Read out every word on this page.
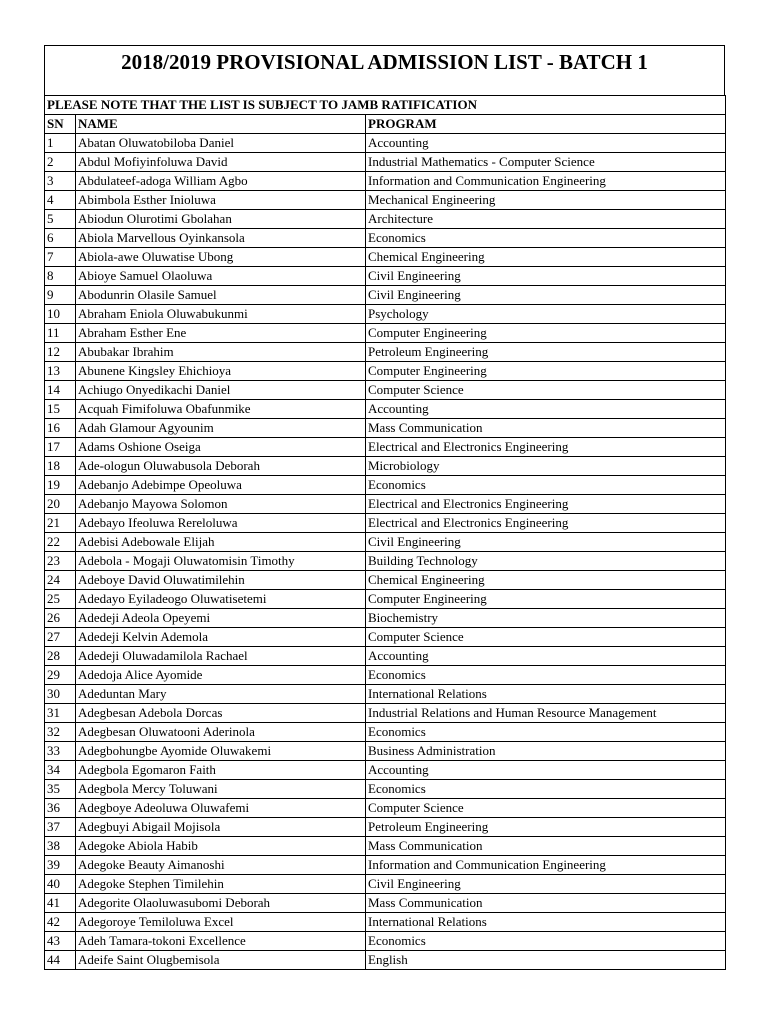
2018/2019 PROVISIONAL ADMISSION LIST - BATCH 1
PLEASE NOTE THAT THE LIST IS SUBJECT TO JAMB RATIFICATION		
SN	NAME	PROGRAM
1	Abatan Oluwatobiloba Daniel	Accounting
2	Abdul Mofiyinfoluwa David	Industrial Mathematics - Computer Science
3	Abdulateef-adoga William Agbo	Information and Communication Engineering
4	Abimbola Esther Inioluwa	Mechanical Engineering
5	Abiodun Olurotimi Gbolahan	Architecture
6	Abiola Marvellous Oyinkansola	Economics
7	Abiola-awe Oluwatise Ubong	Chemical Engineering
8	Abioye Samuel Olaoluwa	Civil Engineering
9	Abodunrin Olasile Samuel	Civil Engineering
10	Abraham Eniola Oluwabukunmi	Psychology
11	Abraham Esther Ene	Computer Engineering
12	Abubakar Ibrahim	Petroleum Engineering
13	Abunene Kingsley Ehichioya	Computer Engineering
14	Achiugo Onyedikachi Daniel	Computer Science
15	Acquah Fimifoluwa Obafunmike	Accounting
16	Adah Glamour Agyounim	Mass Communication
17	Adams Oshione Oseiga	Electrical and Electronics Engineering
18	Ade-ologun Oluwabusola Deborah	Microbiology
19	Adebanjo Adebimpe Opeoluwa	Economics
20	Adebanjo Mayowa Solomon	Electrical and Electronics Engineering
21	Adebayo Ifeoluwa Rereloluwa	Electrical and Electronics Engineering
22	Adebisi Adebowale Elijah	Civil Engineering
23	Adebola - Mogaji Oluwatomisin Timothy	Building Technology
24	Adeboye David Oluwatimilehin	Chemical Engineering
25	Adedayo Eyiladeogo Oluwatisetemi	Computer Engineering
26	Adedeji Adeola Opeyemi	Biochemistry
27	Adedeji Kelvin Ademola	Computer Science
28	Adedeji Oluwadamilola Rachael	Accounting
29	Adedoja Alice Ayomide	Economics
30	Adeduntan Mary	International Relations
31	Adegbesan Adebola Dorcas	Industrial Relations and Human Resource Management
32	Adegbesan Oluwatooni Aderinola	Economics
33	Adegbohungbe Ayomide Oluwakemi	Business Administration
34	Adegbola Egomaron Faith	Accounting
35	Adegbola Mercy Toluwani	Economics
36	Adegboye Adeoluwa Oluwafemi	Computer Science
37	Adegbuyi Abigail Mojisola	Petroleum Engineering
38	Adegoke Abiola Habib	Mass Communication
39	Adegoke Beauty Aimanoshi	Information and Communication Engineering
40	Adegoke Stephen Timilehin	Civil Engineering
41	Adegorite Olaoluwasubomi Deborah	Mass Communication
42	Adegoroye Temiloluwa Excel	International Relations
43	Adeh Tamara-tokoni Excellence	Economics
44	Adeife Saint Olugbemisola	English
